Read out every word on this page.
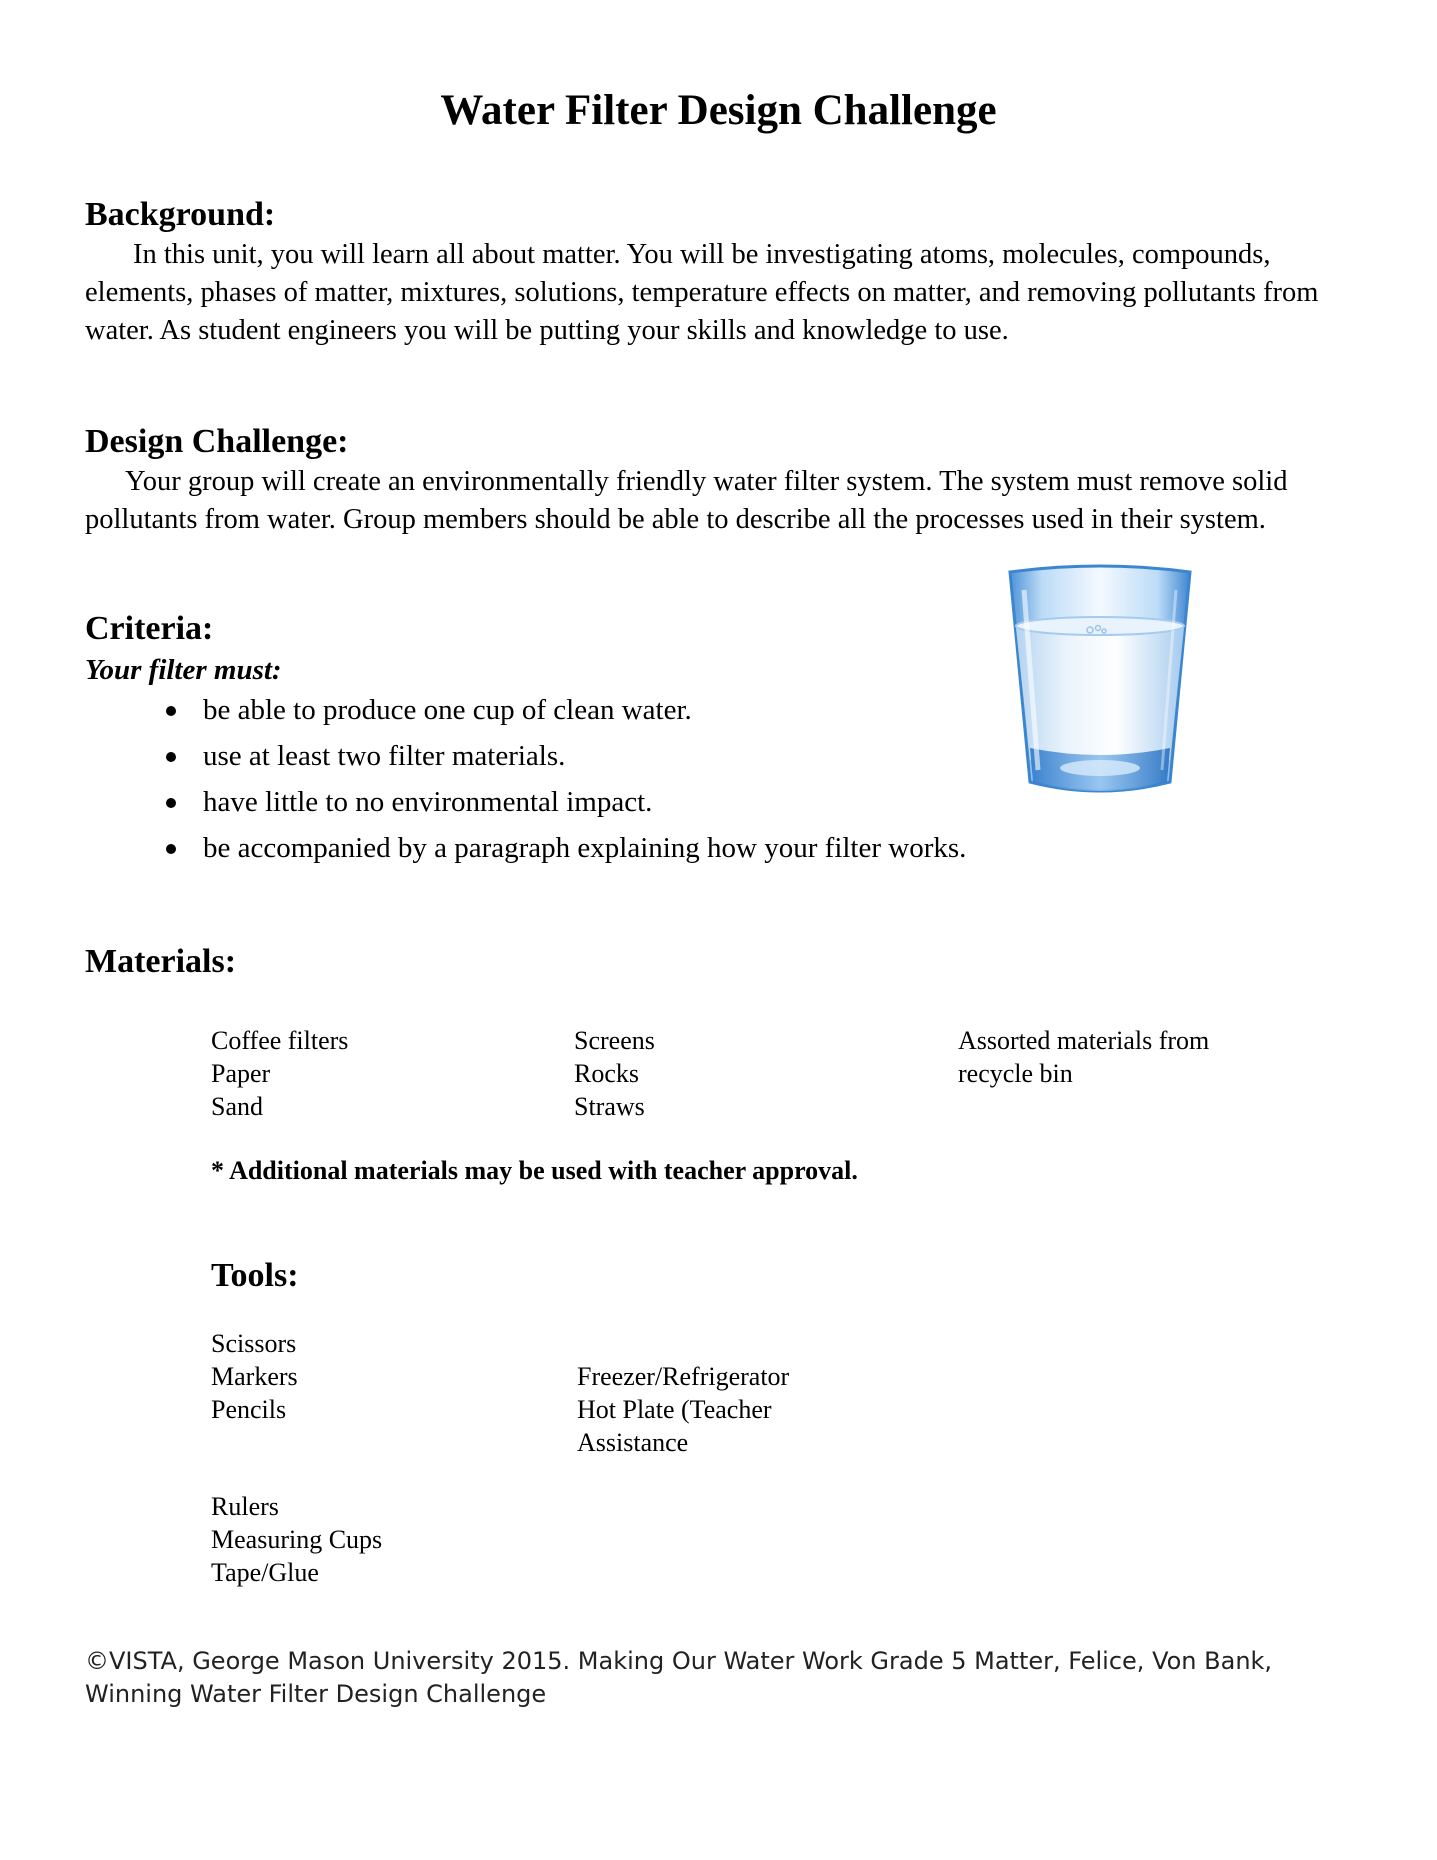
Water Filter Design Challenge
Background:

In this unit, you will learn all about matter. You will be investigating atoms, molecules, compounds, elements, phases of matter, mixtures, solutions, temperature effects on matter, and removing pollutants from water. As student engineers you will be putting your skills and knowledge to use.

Design Challenge:

Your group will create an environmentally friendly water filter system. The system must remove solid pollutants from water. Group members should be able to describe all the processes used in their system.

Criteria:
Your filter must:
be able to produce one cup of clean water.
use at least two filter materials.
have little to no environmental impact.
be accompanied by a paragraph explaining how your filter works.
Materials:
Coffee filters
Paper
Sand
Screens
Rocks
Straws
Assorted materials from
recycle bin
* Additional materials may be used with teacher approval.
Tools:
Scissors
Markers
Pencils
Freezer/Refrigerator
Hot Plate (Teacher
Assistance
Rulers
Measuring Cups
Tape/Glue
©VISTA, George Mason University 2015. Making Our Water Work Grade 5 Matter, Felice, Von Bank,
Winning Water Filter Design Challenge
